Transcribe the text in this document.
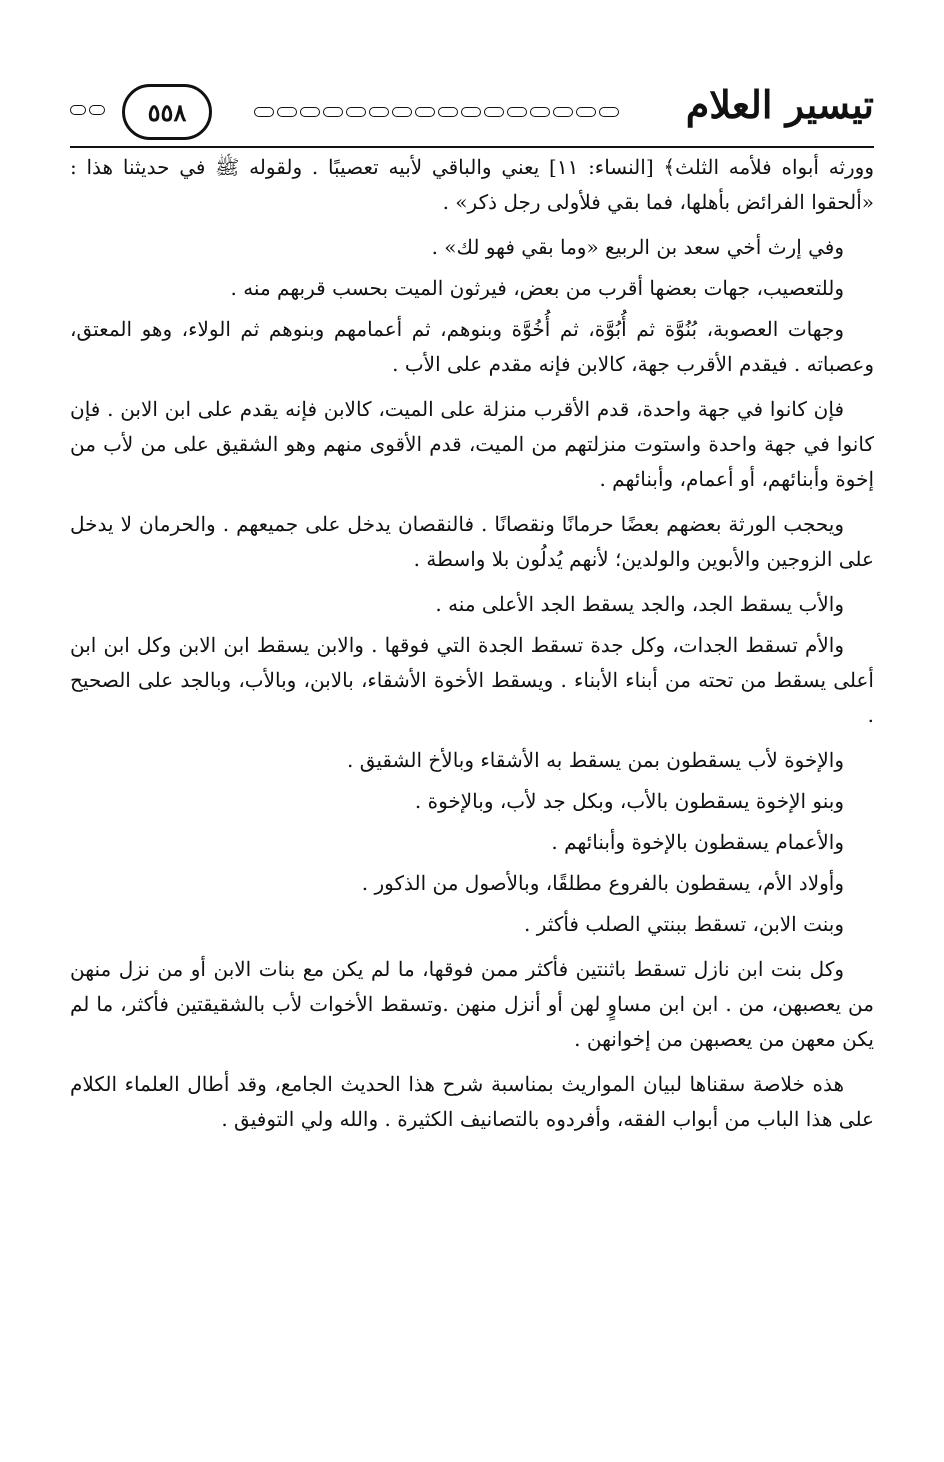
تيسير العلام
٥٥٨

وورثه أبواه فلأمه الثلث﴾ [النساء: ١١] يعني والباقي لأبيه تعصيبًا . ولقوله ﷺ في حديثنا هذا : «ألحقوا الفرائض بأهلها، فما بقي فلأولى رجل ذكر» .

وفي إرث أخي سعد بن الربيع «وما بقي فهو لك» .

وللتعصيب، جهات بعضها أقرب من بعض، فيرثون الميت بحسب قربهم منه .

وجهات العصوبة، بُنُوَّة ثم أُبُوَّة، ثم أُخُوَّة وبنوهم، ثم أعمامهم وبنوهم ثم الولاء، وهو المعتق، وعصباته . فيقدم الأقرب جهة، كالابن فإنه مقدم على الأب .

فإن كانوا في جهة واحدة، قدم الأقرب منزلة على الميت، كالابن فإنه يقدم على ابن الابن . فإن كانوا في جهة واحدة واستوت منزلتهم من الميت، قدم الأقوى منهم وهو الشقيق على من لأب من إخوة وأبنائهم، أو أعمام، وأبنائهم .

ويحجب الورثة بعضهم بعضًا حرمانًا ونقصانًا . فالنقصان يدخل على جميعهم . والحرمان لا يدخل على الزوجين والأبوين والولدين؛ لأنهم يُدلُون بلا واسطة .

والأب يسقط الجد، والجد يسقط الجد الأعلى منه .

والأم تسقط الجدات، وكل جدة تسقط الجدة التي فوقها . والابن يسقط ابن الابن وكل ابن ابن أعلى يسقط من تحته من أبناء الأبناء . ويسقط الأخوة الأشقاء، بالابن، وبالأب، وبالجد على الصحيح .

والإخوة لأب يسقطون بمن يسقط به الأشقاء وبالأخ الشقيق .

وبنو الإخوة يسقطون بالأب، وبكل جد لأب، وبالإخوة .

والأعمام يسقطون بالإخوة وأبنائهم .

وأولاد الأم، يسقطون بالفروع مطلقًا، وبالأصول من الذكور .

وبنت الابن، تسقط ببنتي الصلب فأكثر .

وكل بنت ابن نازل تسقط باثنتين فأكثر ممن فوقها، ما لم يكن مع بنات الابن أو من نزل منهن من يعصبهن، من . ابن ابن مساوٍ لهن أو أنزل منهن .وتسقط الأخوات لأب بالشقيقتين فأكثر، ما لم يكن معهن من يعصبهن من إخوانهن .

هذه خلاصة سقناها لبيان المواريث بمناسبة شرح هذا الحديث الجامع، وقد أطال العلماء الكلام على هذا الباب من أبواب الفقه، وأفردوه بالتصانيف الكثيرة . والله ولي التوفيق .
